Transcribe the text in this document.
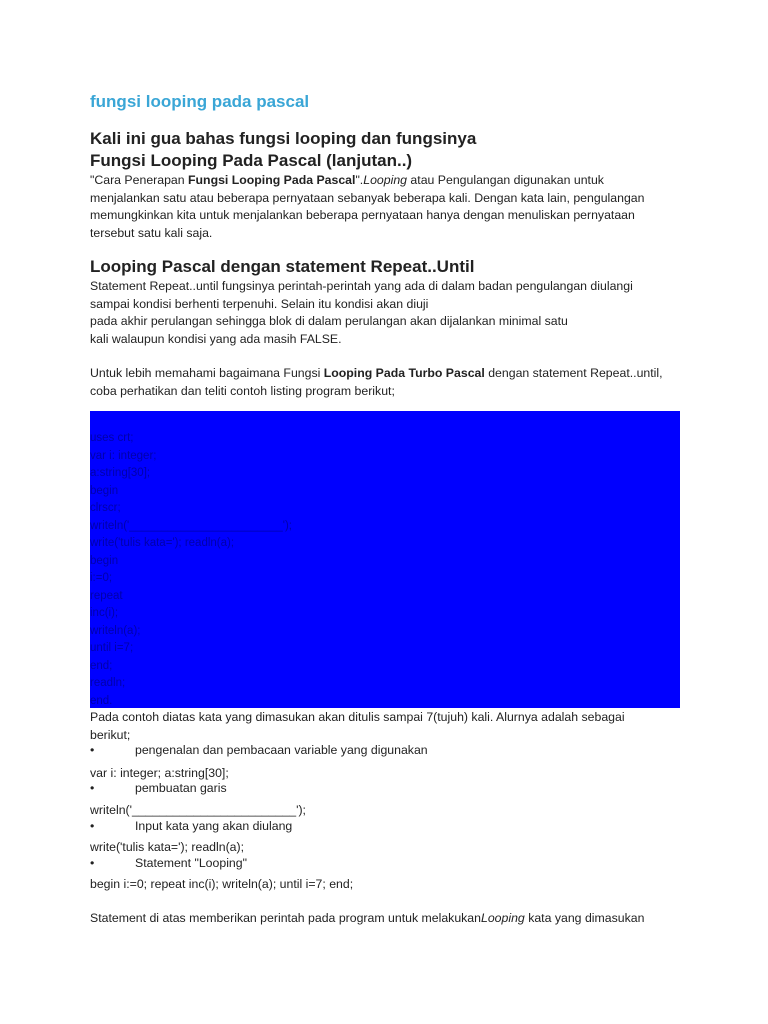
fungsi looping pada pascal
Kali ini gua bahas fungsi looping dan fungsinya
Fungsi Looping Pada Pascal (lanjutan..)
"Cara Penerapan Fungsi Looping Pada Pascal".Looping atau Pengulangan digunakan untuk
menjalankan satu atau beberapa pernyataan sebanyak beberapa kali. Dengan kata lain, pengulangan
memungkinkan kita untuk menjalankan beberapa pernyataan hanya dengan menuliskan pernyataan
tersebut satu kali saja.
Looping Pascal dengan statement Repeat..Until
Statement Repeat..until fungsinya perintah-perintah yang ada di dalam badan pengulangan diulangi
sampai kondisi berhenti terpenuhi. Selain itu kondisi akan diuji
pada akhir perulangan sehingga blok di dalam perulangan akan dijalankan minimal satu
kali walaupun kondisi yang ada masih FALSE.
Untuk lebih memahami bagaimana Fungsi Looping Pada Turbo Pascal dengan statement Repeat..until,
coba perhatikan dan teliti contoh listing program berikut;
uses crt;
var i: integer;
a:string[30];
begin
clrscr;
writeln('________________________');
write('tulis kata='); readln(a);
begin
i:=0;
repeat
inc(i);
writeln(a);
until i=7;
end;
readln;
end.
Pada contoh diatas kata yang dimasukan akan ditulis sampai 7(tujuh) kali. Alurnya adalah sebagai
berikut;
•	pengenalan dan pembacaan variable yang digunakan
var i: integer; a:string[30];
•	pembuatan garis
writeln('________________________');
•	Input kata yang akan diulang
write('tulis kata='); readln(a);
•	Statement "Looping"
begin i:=0; repeat inc(i); writeln(a); until i=7; end;
Statement di atas memberikan perintah pada program untuk melakukanLooping kata yang dimasukan
